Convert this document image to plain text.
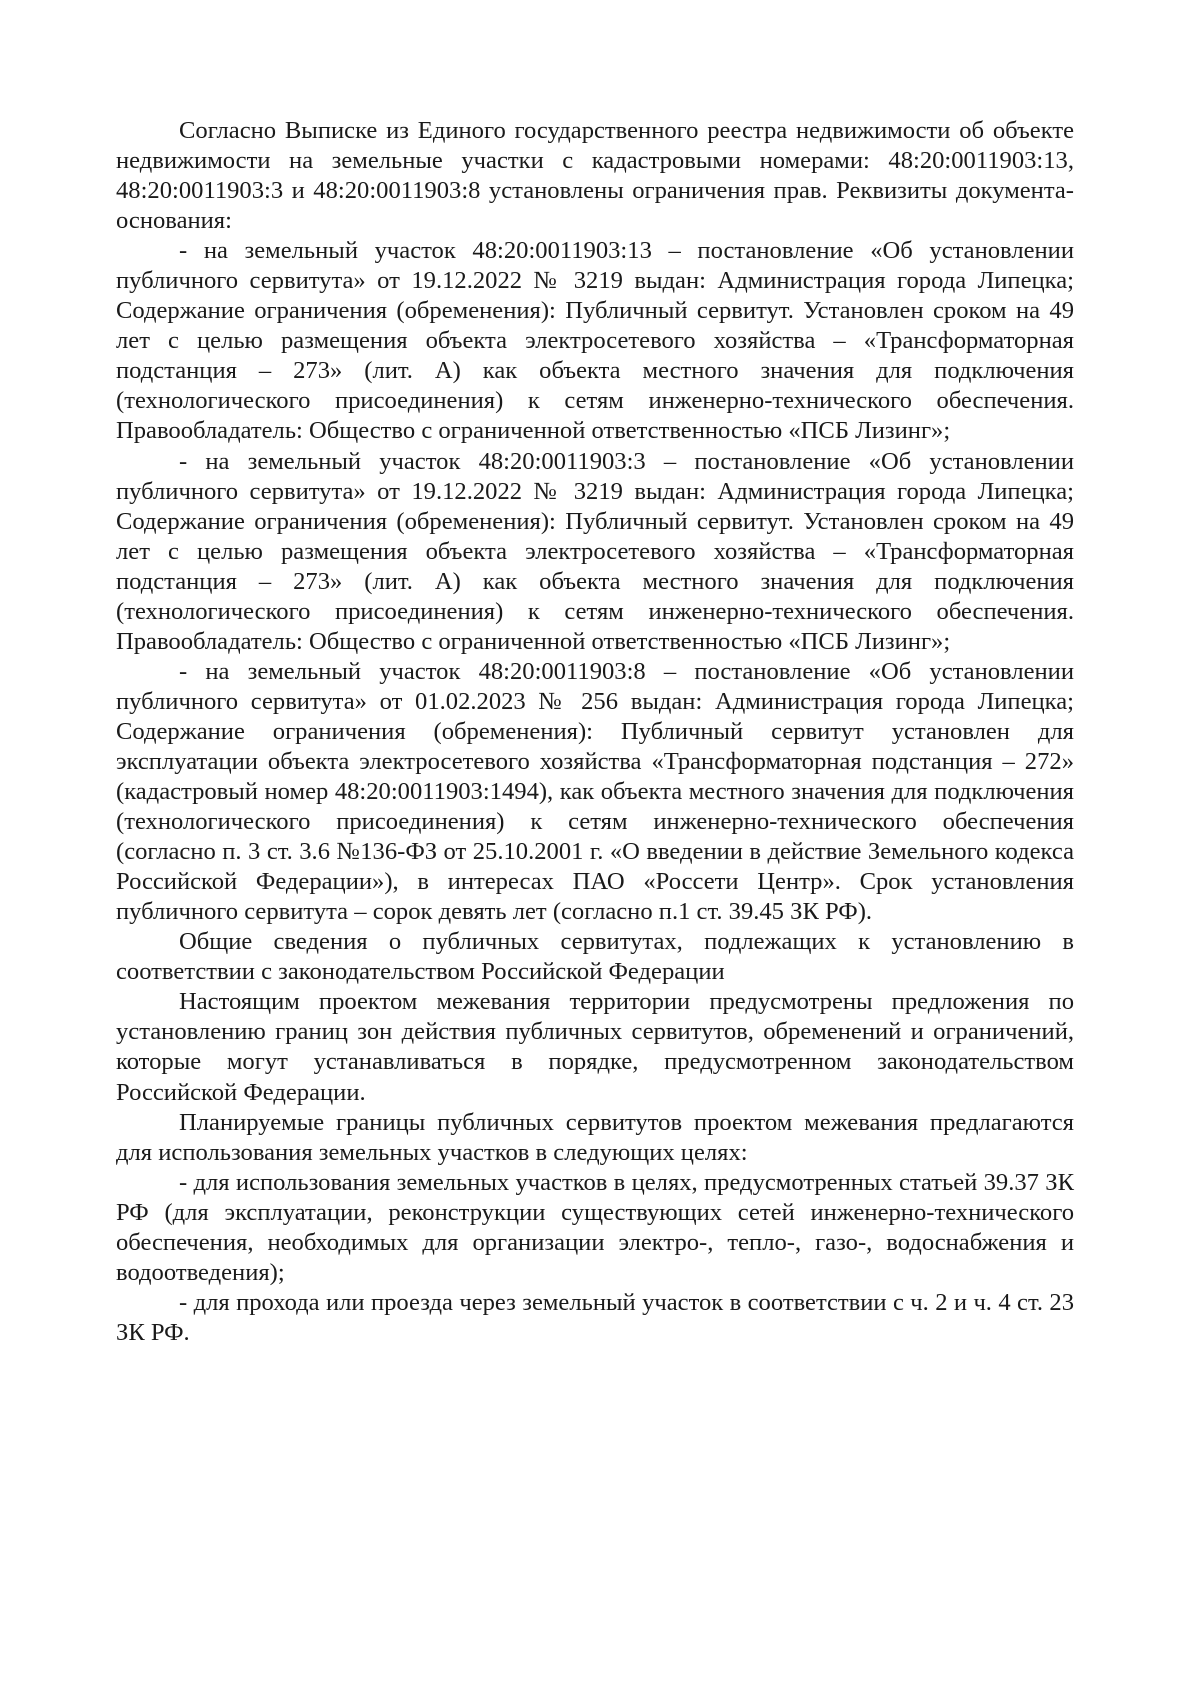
Согласно Выписке из Единого государственного реестра недвижимости об объекте недвижимости на земельные участки с кадастровыми номерами: 48:20:0011903:13, 48:20:0011903:3 и 48:20:0011903:8 установлены ограничения прав. Реквизиты документа-основания:

- на земельный участок 48:20:0011903:13 – постановление «Об установлении публичного сервитута» от 19.12.2022 № 3219 выдан: Администрация города Липецка; Содержание ограничения (обременения): Публичный сервитут. Установлен сроком на 49 лет с целью размещения объекта электросетевого хозяйства – «Трансформаторная подстанция – 273» (лит. А) как объекта местного значения для подключения (технологического присоединения) к сетям инженерно-технического обеспечения. Правообладатель: Общество с ограниченной ответственностью «ПСБ Лизинг»;

- на земельный участок 48:20:0011903:3 – постановление «Об установлении публичного сервитута» от 19.12.2022 № 3219 выдан: Администрация города Липецка; Содержание ограничения (обременения): Публичный сервитут. Установлен сроком на 49 лет с целью размещения объекта электросетевого хозяйства – «Трансформаторная подстанция – 273» (лит. А) как объекта местного значения для подключения (технологического присоединения) к сетям инженерно-технического обеспечения. Правообладатель: Общество с ограниченной ответственностью «ПСБ Лизинг»;

- на земельный участок 48:20:0011903:8 – постановление «Об установлении публичного сервитута» от 01.02.2023 № 256 выдан: Администрация города Липецка; Содержание ограничения (обременения): Публичный сервитут установлен для эксплуатации объекта электросетевого хозяйства «Трансформаторная подстанция – 272» (кадастровый номер 48:20:0011903:1494), как объекта местного значения для подключения (технологического присоединения) к сетям инженерно-технического обеспечения (согласно п. 3 ст. 3.6 №136-ФЗ от 25.10.2001 г. «О введении в действие Земельного кодекса Российской Федерации»), в интересах ПАО «Россети Центр». Срок установления публичного сервитута – сорок девять лет (согласно п.1 ст. 39.45 ЗК РФ).

Общие сведения о публичных сервитутах, подлежащих к установлению в соответствии с законодательством Российской Федерации

Настоящим проектом межевания территории предусмотрены предложения по установлению границ зон действия публичных сервитутов, обременений и ограничений, которые могут устанавливаться в порядке, предусмотренном законодательством Российской Федерации.

Планируемые границы публичных сервитутов проектом межевания предлагаются для использования земельных участков в следующих целях:

- для использования земельных участков в целях, предусмотренных статьей 39.37 ЗК РФ (для эксплуатации, реконструкции существующих сетей инженерно-технического обеспечения, необходимых для организации электро-, тепло-, газо-, водоснабжения и водоотведения);

- для прохода или проезда через земельный участок в соответствии с ч. 2 и ч. 4 ст. 23 ЗК РФ.
